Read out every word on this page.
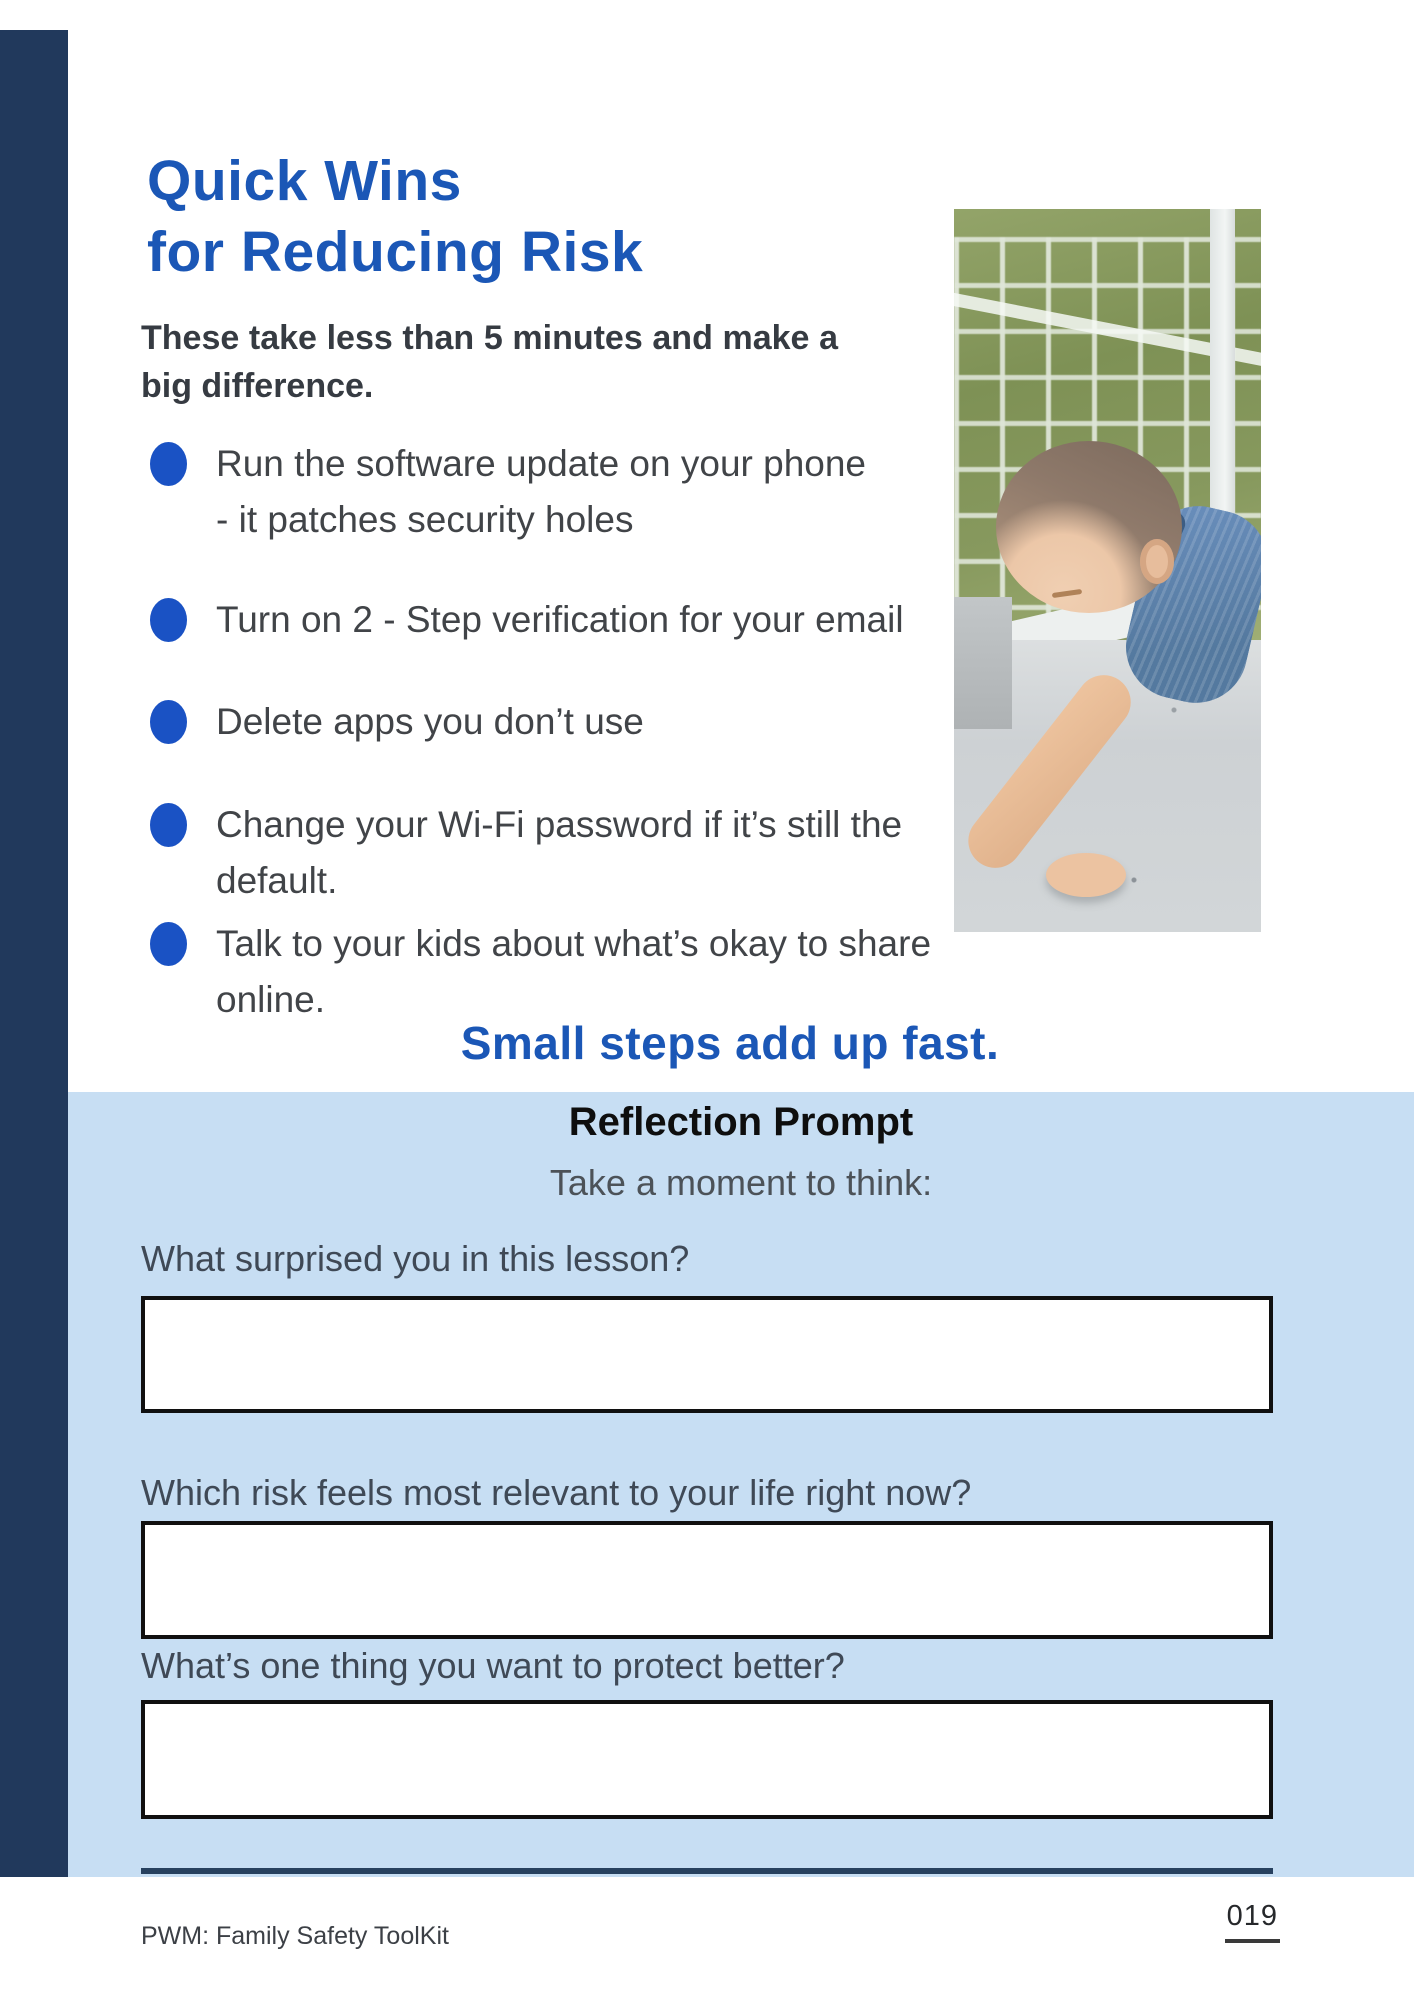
Quick Wins
for Reducing Risk

These take less than 5 minutes and make a big difference.

Run the software update on your phone
- it patches security holes
Turn on 2 - Step verification for your email
Delete apps you don’t use
Change your Wi-Fi password if it’s still the
default.
Talk to your kids about what’s okay to share
online.
Small steps add up fast.
Reflection Prompt
Take a moment to think:
What surprised you in this lesson?
Which risk feels most relevant to your life right now?
What’s one thing you want to protect better?
PWM: Family Safety ToolKit
019
